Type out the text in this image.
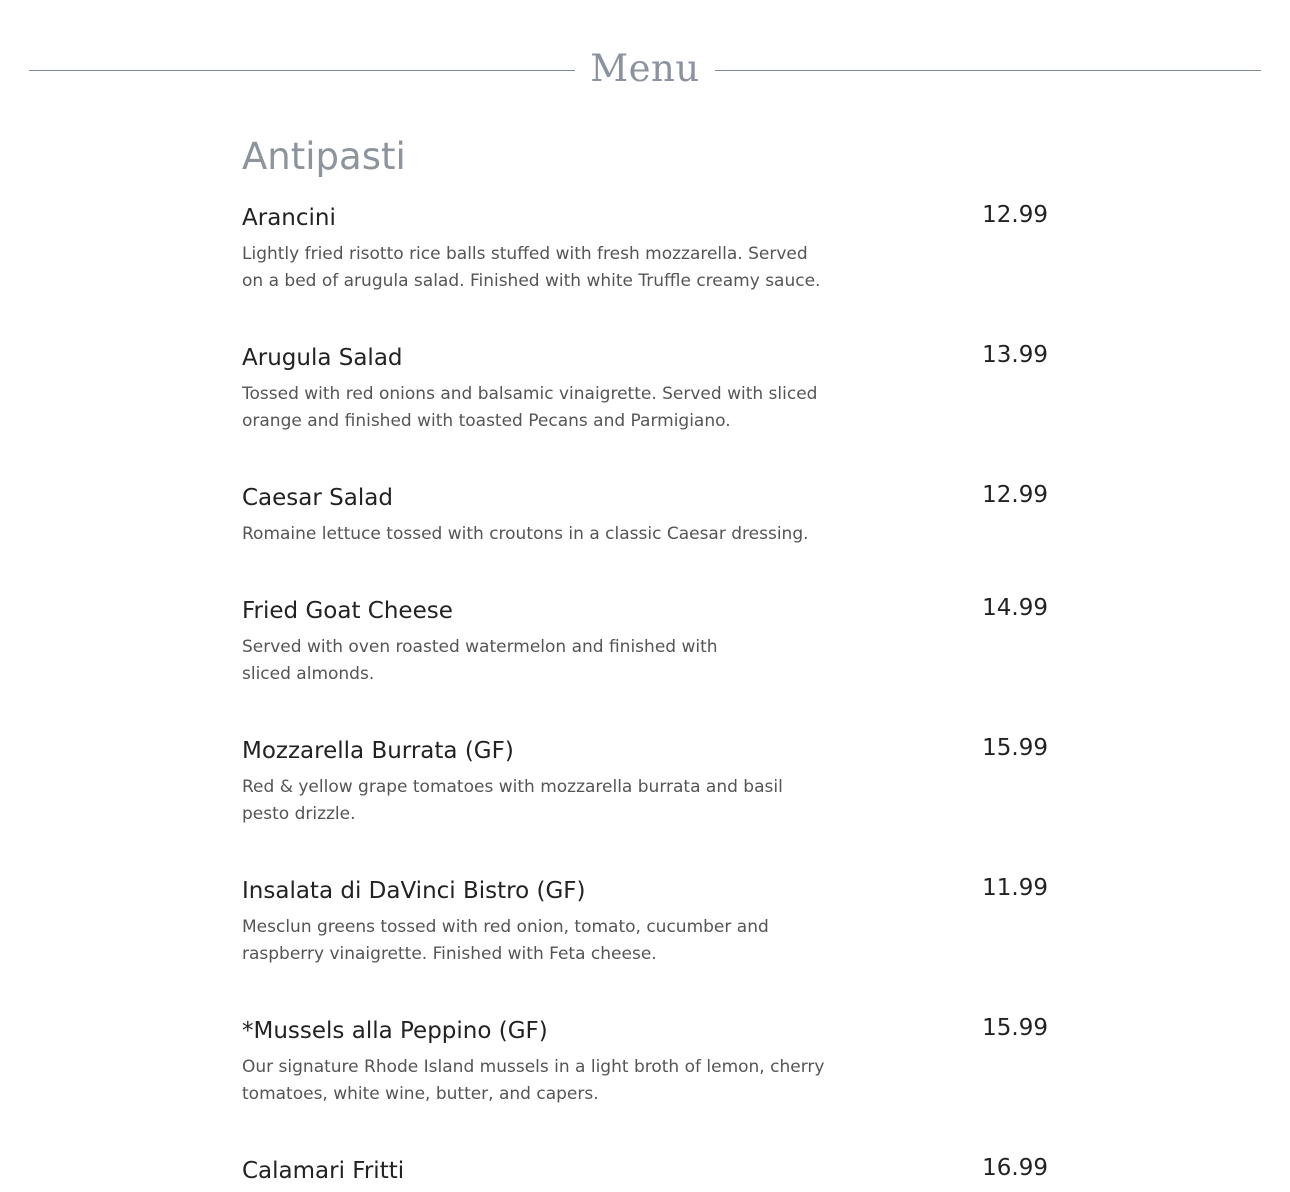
Menu
Antipasti
Arancini	12.99
Lightly fried risotto rice balls stuffed with fresh mozzarella. Served on a bed of arugula salad. Finished with white Truffle creamy sauce.
Arugula Salad	13.99
Tossed with red onions and balsamic vinaigrette. Served with sliced orange and finished with toasted Pecans and Parmigiano.
Caesar Salad	12.99
Romaine lettuce tossed with croutons in a classic Caesar dressing.
Fried Goat Cheese	14.99
Served with oven roasted watermelon and finished with sliced almonds.
Mozzarella Burrata (GF)	15.99
Red & yellow grape tomatoes with mozzarella burrata and basil pesto drizzle.
Insalata di DaVinci Bistro (GF)	11.99
Mesclun greens tossed with red onion, tomato, cucumber and raspberry vinaigrette. Finished with Feta cheese.
*Mussels alla Peppino (GF)	15.99
Our signature Rhode Island mussels in a light broth of lemon, cherry tomatoes, white wine, butter, and capers.
Calamari Fritti	16.99
